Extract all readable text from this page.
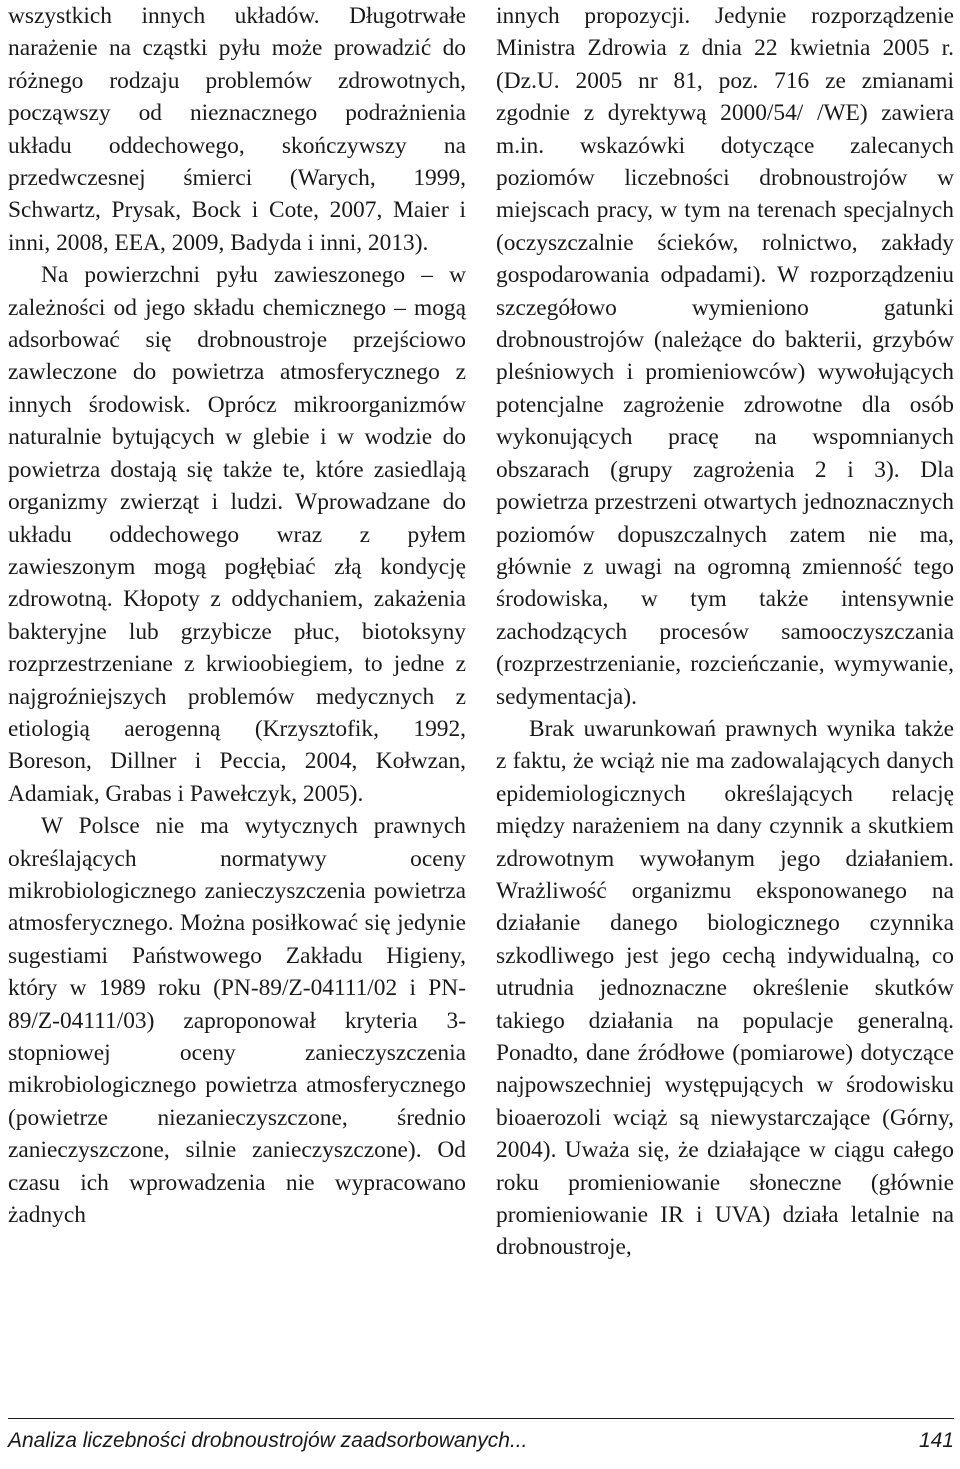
wszystkich innych układów. Długotrwałe narażenie na cząstki pyłu może prowadzić do różnego rodzaju problemów zdrowotnych, począwszy od nieznacznego podrażnienia układu oddechowego, skończywszy na przedwczesnej śmierci (Warych, 1999, Schwartz, Prysak, Bock i Cote, 2007, Maier i inni, 2008, EEA, 2009, Badyda i inni, 2013).

Na powierzchni pyłu zawieszonego – w zależności od jego składu chemicznego – mogą adsorbować się drobnoustroje przejściowo zawleczone do powietrza atmosferycznego z innych środowisk. Oprócz mikroorganizmów naturalnie bytujących w glebie i w wodzie do powietrza dostają się także te, które zasiedlają organizmy zwierząt i ludzi. Wprowadzane do układu oddechowego wraz z pyłem zawieszonym mogą pogłębiać złą kondycję zdrowotną. Kłopoty z oddychaniem, zakażenia bakteryjne lub grzybicze płuc, biotoksyny rozprzestrzeniane z krwioobiegiem, to jedne z najgroźniejszych problemów medycznych z etiologią aerogenną (Krzysztofik, 1992, Boreson, Dillner i Peccia, 2004, Kołwzan, Adamiak, Grabas i Pawełczyk, 2005).

W Polsce nie ma wytycznych prawnych określających normatywy oceny mikrobiologicznego zanieczyszczenia powietrza atmosferycznego. Można posiłkować się jedynie sugestiami Państwowego Zakładu Higieny, który w 1989 roku (PN-89/Z-04111/02 i PN-89/Z-04111/03) zaproponował kryteria 3-stopniowej oceny zanieczyszczenia mikrobiologicznego powietrza atmosferycznego (powietrze niezanieczyszczone, średnio zanieczyszczone, silnie zanieczyszczone). Od czasu ich wprowadzenia nie wypracowano żadnych

innych propozycji. Jedynie rozporządzenie Ministra Zdrowia z dnia 22 kwietnia 2005 r. (Dz.U. 2005 nr 81, poz. 716 ze zmianami zgodnie z dyrektywą 2000/54/ /WE) zawiera m.in. wskazówki dotyczące zalecanych poziomów liczebności drobnoustrojów w miejscach pracy, w tym na terenach specjalnych (oczyszczalnie ścieków, rolnictwo, zakłady gospodarowania odpadami). W rozporządzeniu szczegółowo wymieniono gatunki drobnoustrojów (należące do bakterii, grzybów pleśniowych i promieniowców) wywołujących potencjalne zagrożenie zdrowotne dla osób wykonujących pracę na wspomnianych obszarach (grupy zagrożenia 2 i 3). Dla powietrza przestrzeni otwartych jednoznacznych poziomów dopuszczalnych zatem nie ma, głównie z uwagi na ogromną zmienność tego środowiska, w tym także intensywnie zachodzących procesów samooczyszczania (rozprzestrzenianie, rozcieńczanie, wymywanie, sedymentacja).

Brak uwarunkowań prawnych wynika także z faktu, że wciąż nie ma zadowalających danych epidemiologicznych określających relację między narażeniem na dany czynnik a skutkiem zdrowotnym wywołanym jego działaniem. Wrażliwość organizmu eksponowanego na działanie danego biologicznego czynnika szkodliwego jest jego cechą indywidualną, co utrudnia jednoznaczne określenie skutków takiego działania na populacje generalną. Ponadto, dane źródłowe (pomiarowe) dotyczące najpowszechniej występujących w środowisku bioaerozoli wciąż są niewystarczające (Górny, 2004). Uważa się, że działające w ciągu całego roku promieniowanie słoneczne (głównie promieniowanie IR i UVA) działa letalnie na drobnoustroje,

Analiza liczebności drobnoustrojów zaadsorbowanych...	141
